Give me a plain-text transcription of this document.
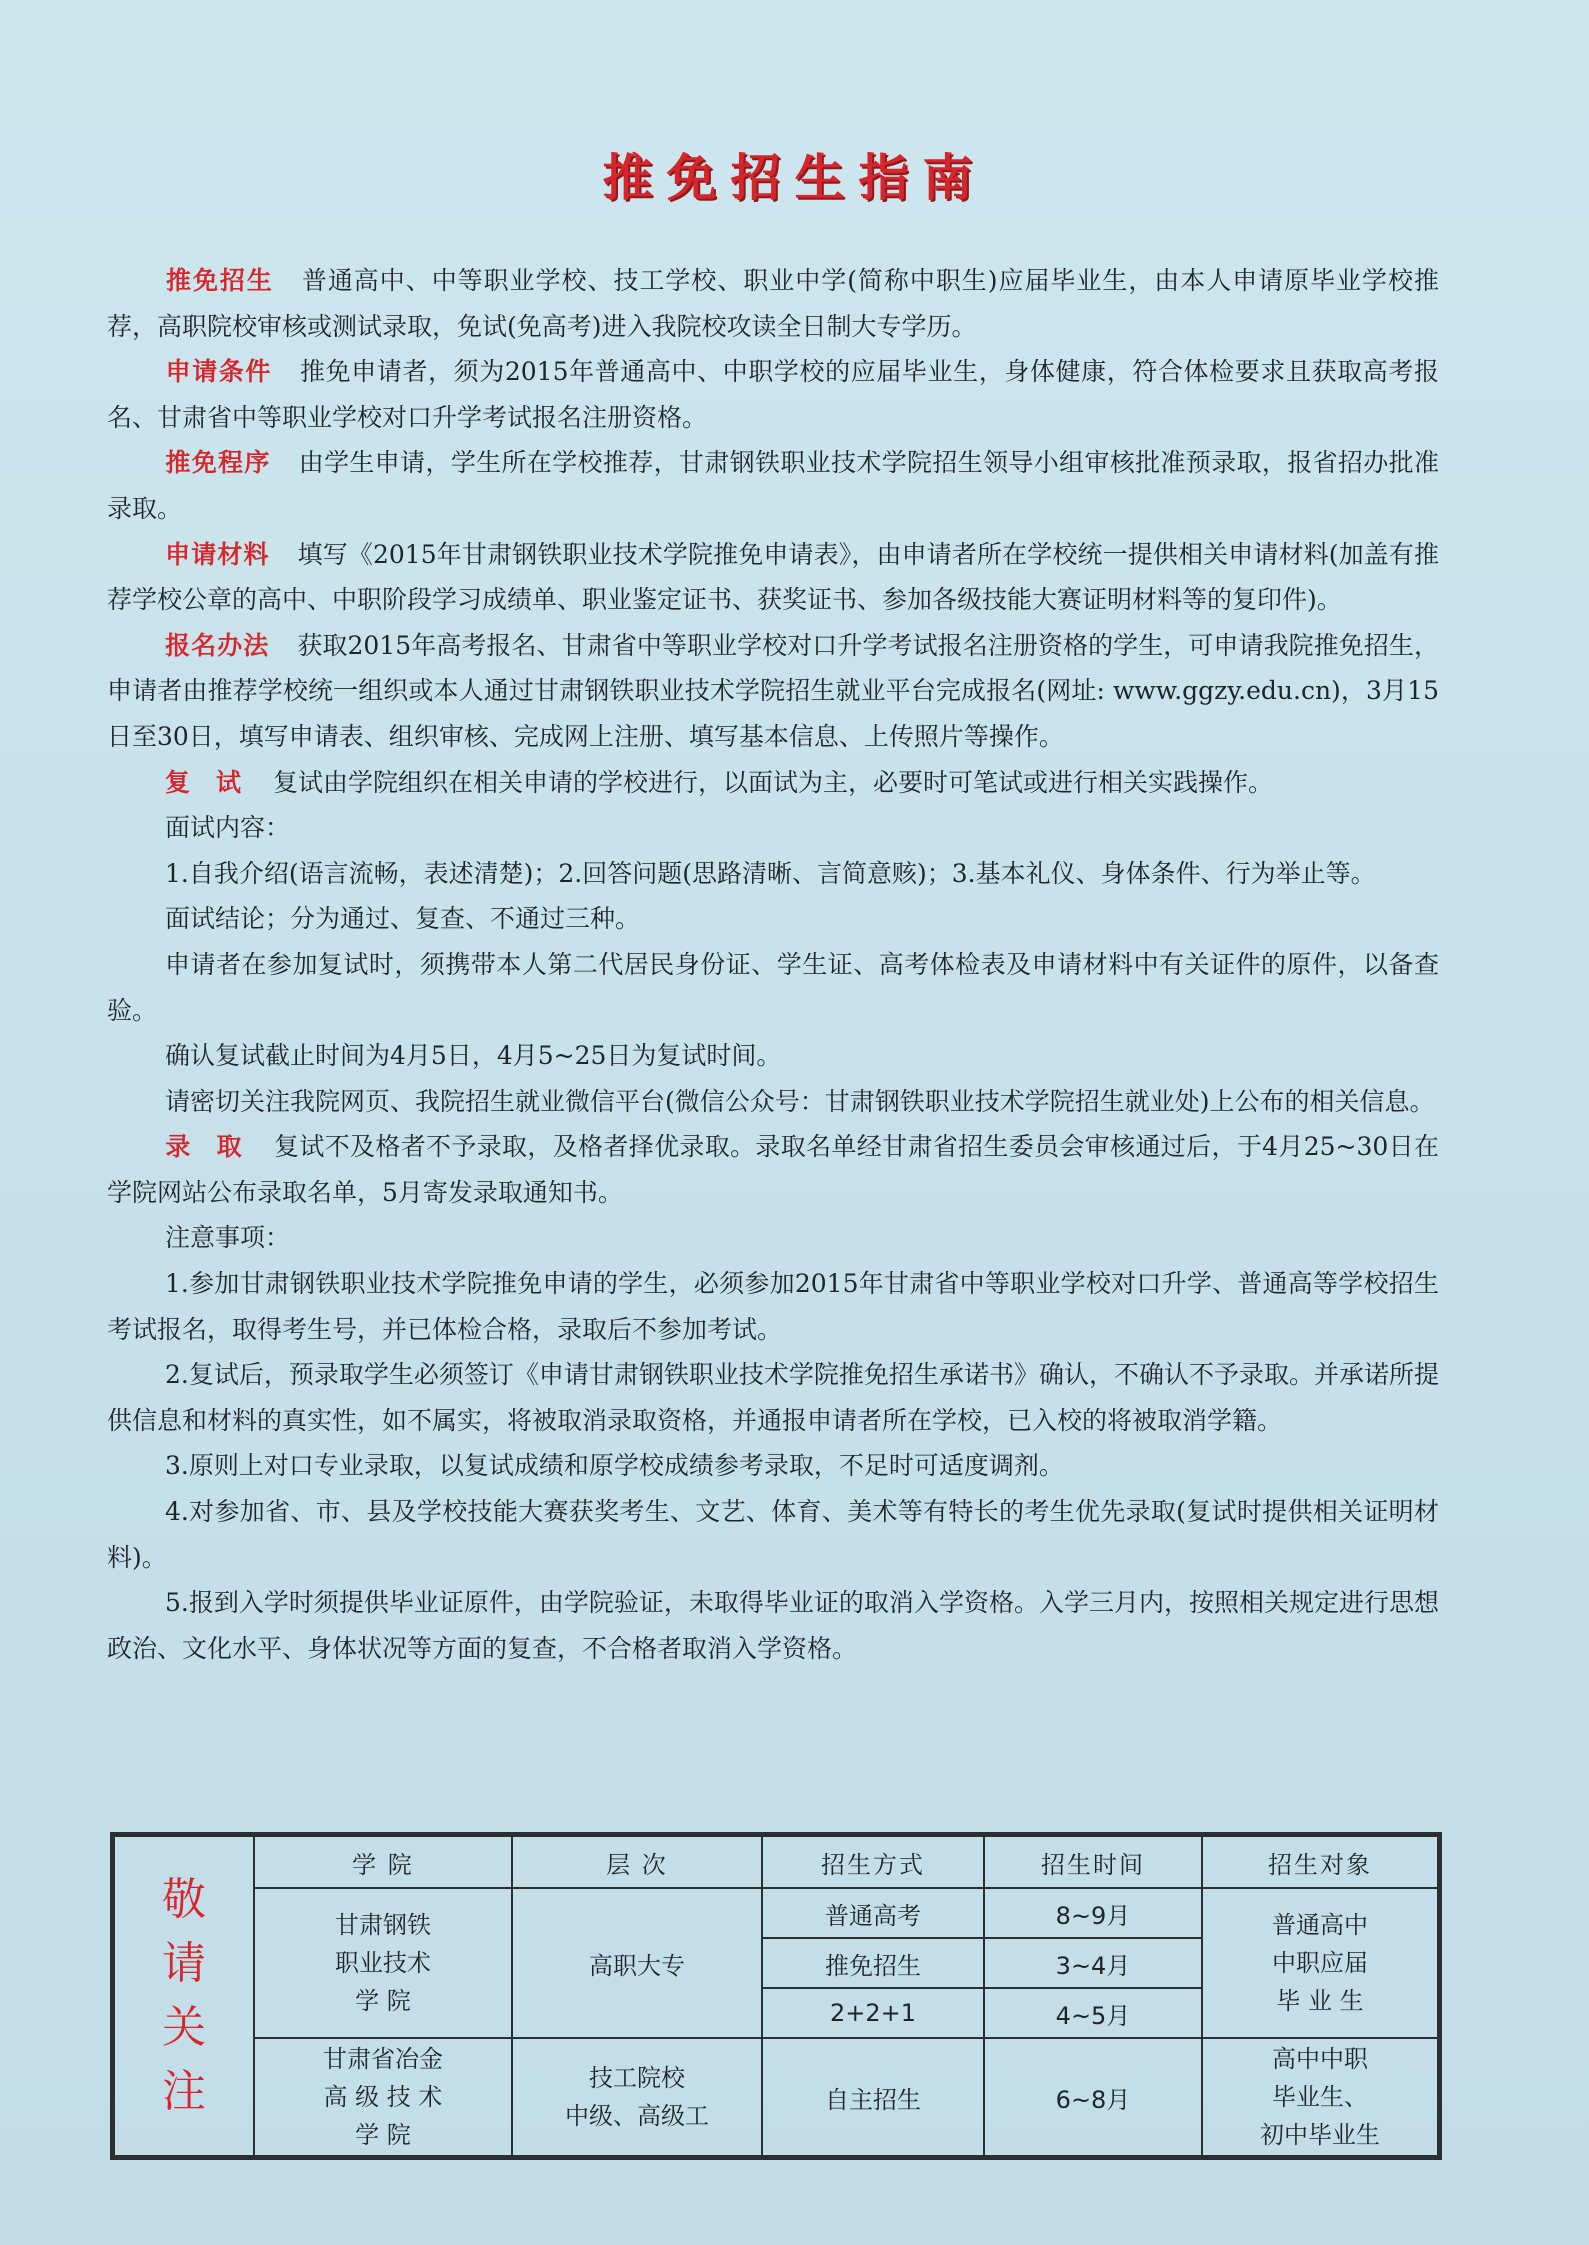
推免招生指南

推免招生 普通高中、中等职业学校、技工学校、职业中学(简称中职生)应届毕业生，由本人申请原毕业学校推荐，高职院校审核或测试录取，免试(免高考)进入我院校攻读全日制大专学历。

申请条件 推免申请者，须为2015年普通高中、中职学校的应届毕业生，身体健康，符合体检要求且获取高考报名、甘肃省中等职业学校对口升学考试报名注册资格。

推免程序 由学生申请，学生所在学校推荐，甘肃钢铁职业技术学院招生领导小组审核批准预录取，报省招办批准录取。

申请材料 填写《2015年甘肃钢铁职业技术学院推免申请表》，由申请者所在学校统一提供相关申请材料(加盖有推荐学校公章的高中、中职阶段学习成绩单、职业鉴定证书、获奖证书、参加各级技能大赛证明材料等的复印件)。

报名办法 获取2015年高考报名、甘肃省中等职业学校对口升学考试报名注册资格的学生，可申请我院推免招生，申请者由推荐学校统一组织或本人通过甘肃钢铁职业技术学院招生就业平台完成报名(网址: www.ggzy.edu.cn)，3月15日至30日，填写申请表、组织审核、完成网上注册、填写基本信息、上传照片等操作。

复试 复试由学院组织在相关申请的学校进行，以面试为主，必要时可笔试或进行相关实践操作。

面试内容：

1.自我介绍(语言流畅，表述清楚)；2.回答问题(思路清晰、言简意赅)；3.基本礼仪、身体条件、行为举止等。

面试结论；分为通过、复查、不通过三种。

申请者在参加复试时，须携带本人第二代居民身份证、学生证、高考体检表及申请材料中有关证件的原件，以备查验。

确认复试截止时间为4月5日，4月5~25日为复试时间。

请密切关注我院网页、我院招生就业微信平台(微信公众号：甘肃钢铁职业技术学院招生就业处)上公布的相关信息。

录取 复试不及格者不予录取，及格者择优录取。录取名单经甘肃省招生委员会审核通过后，于4月25~30日在学院网站公布录取名单，5月寄发录取通知书。

注意事项：

1.参加甘肃钢铁职业技术学院推免申请的学生，必须参加2015年甘肃省中等职业学校对口升学、普通高等学校招生考试报名，取得考生号，并已体检合格，录取后不参加考试。

2.复试后，预录取学生必须签订《申请甘肃钢铁职业技术学院推免招生承诺书》确认，不确认不予录取。并承诺所提供信息和材料的真实性，如不属实，将被取消录取资格，并通报申请者所在学校，已入校的将被取消学籍。

3.原则上对口专业录取，以复试成绩和原学校成绩参考录取，不足时可适度调剂。

4.对参加省、市、县及学校技能大赛获奖考生、文艺、体育、美术等有特长的考生优先录取(复试时提供相关证明材料)。

5.报到入学时须提供毕业证原件，由学院验证，未取得毕业证的取消入学资格。入学三月内，按照相关规定进行思想政治、文化水平、身体状况等方面的复查，不合格者取消入学资格。

敬
请
关
注	学 院	层 次	招生方式	招生时间	招生对象

	甘肃钢铁
职业技术
学 院	高职大专	普通高考	8~9月	普通高中
中职应届
毕 业 生

			推免招生	3~4月	
			2+2+1	4~5月	

	甘肃省冶金
高 级 技 术
学 院	技工院校
中级、高级工	自主招生	6~8月	高中中职
毕业生、
初中毕业生
